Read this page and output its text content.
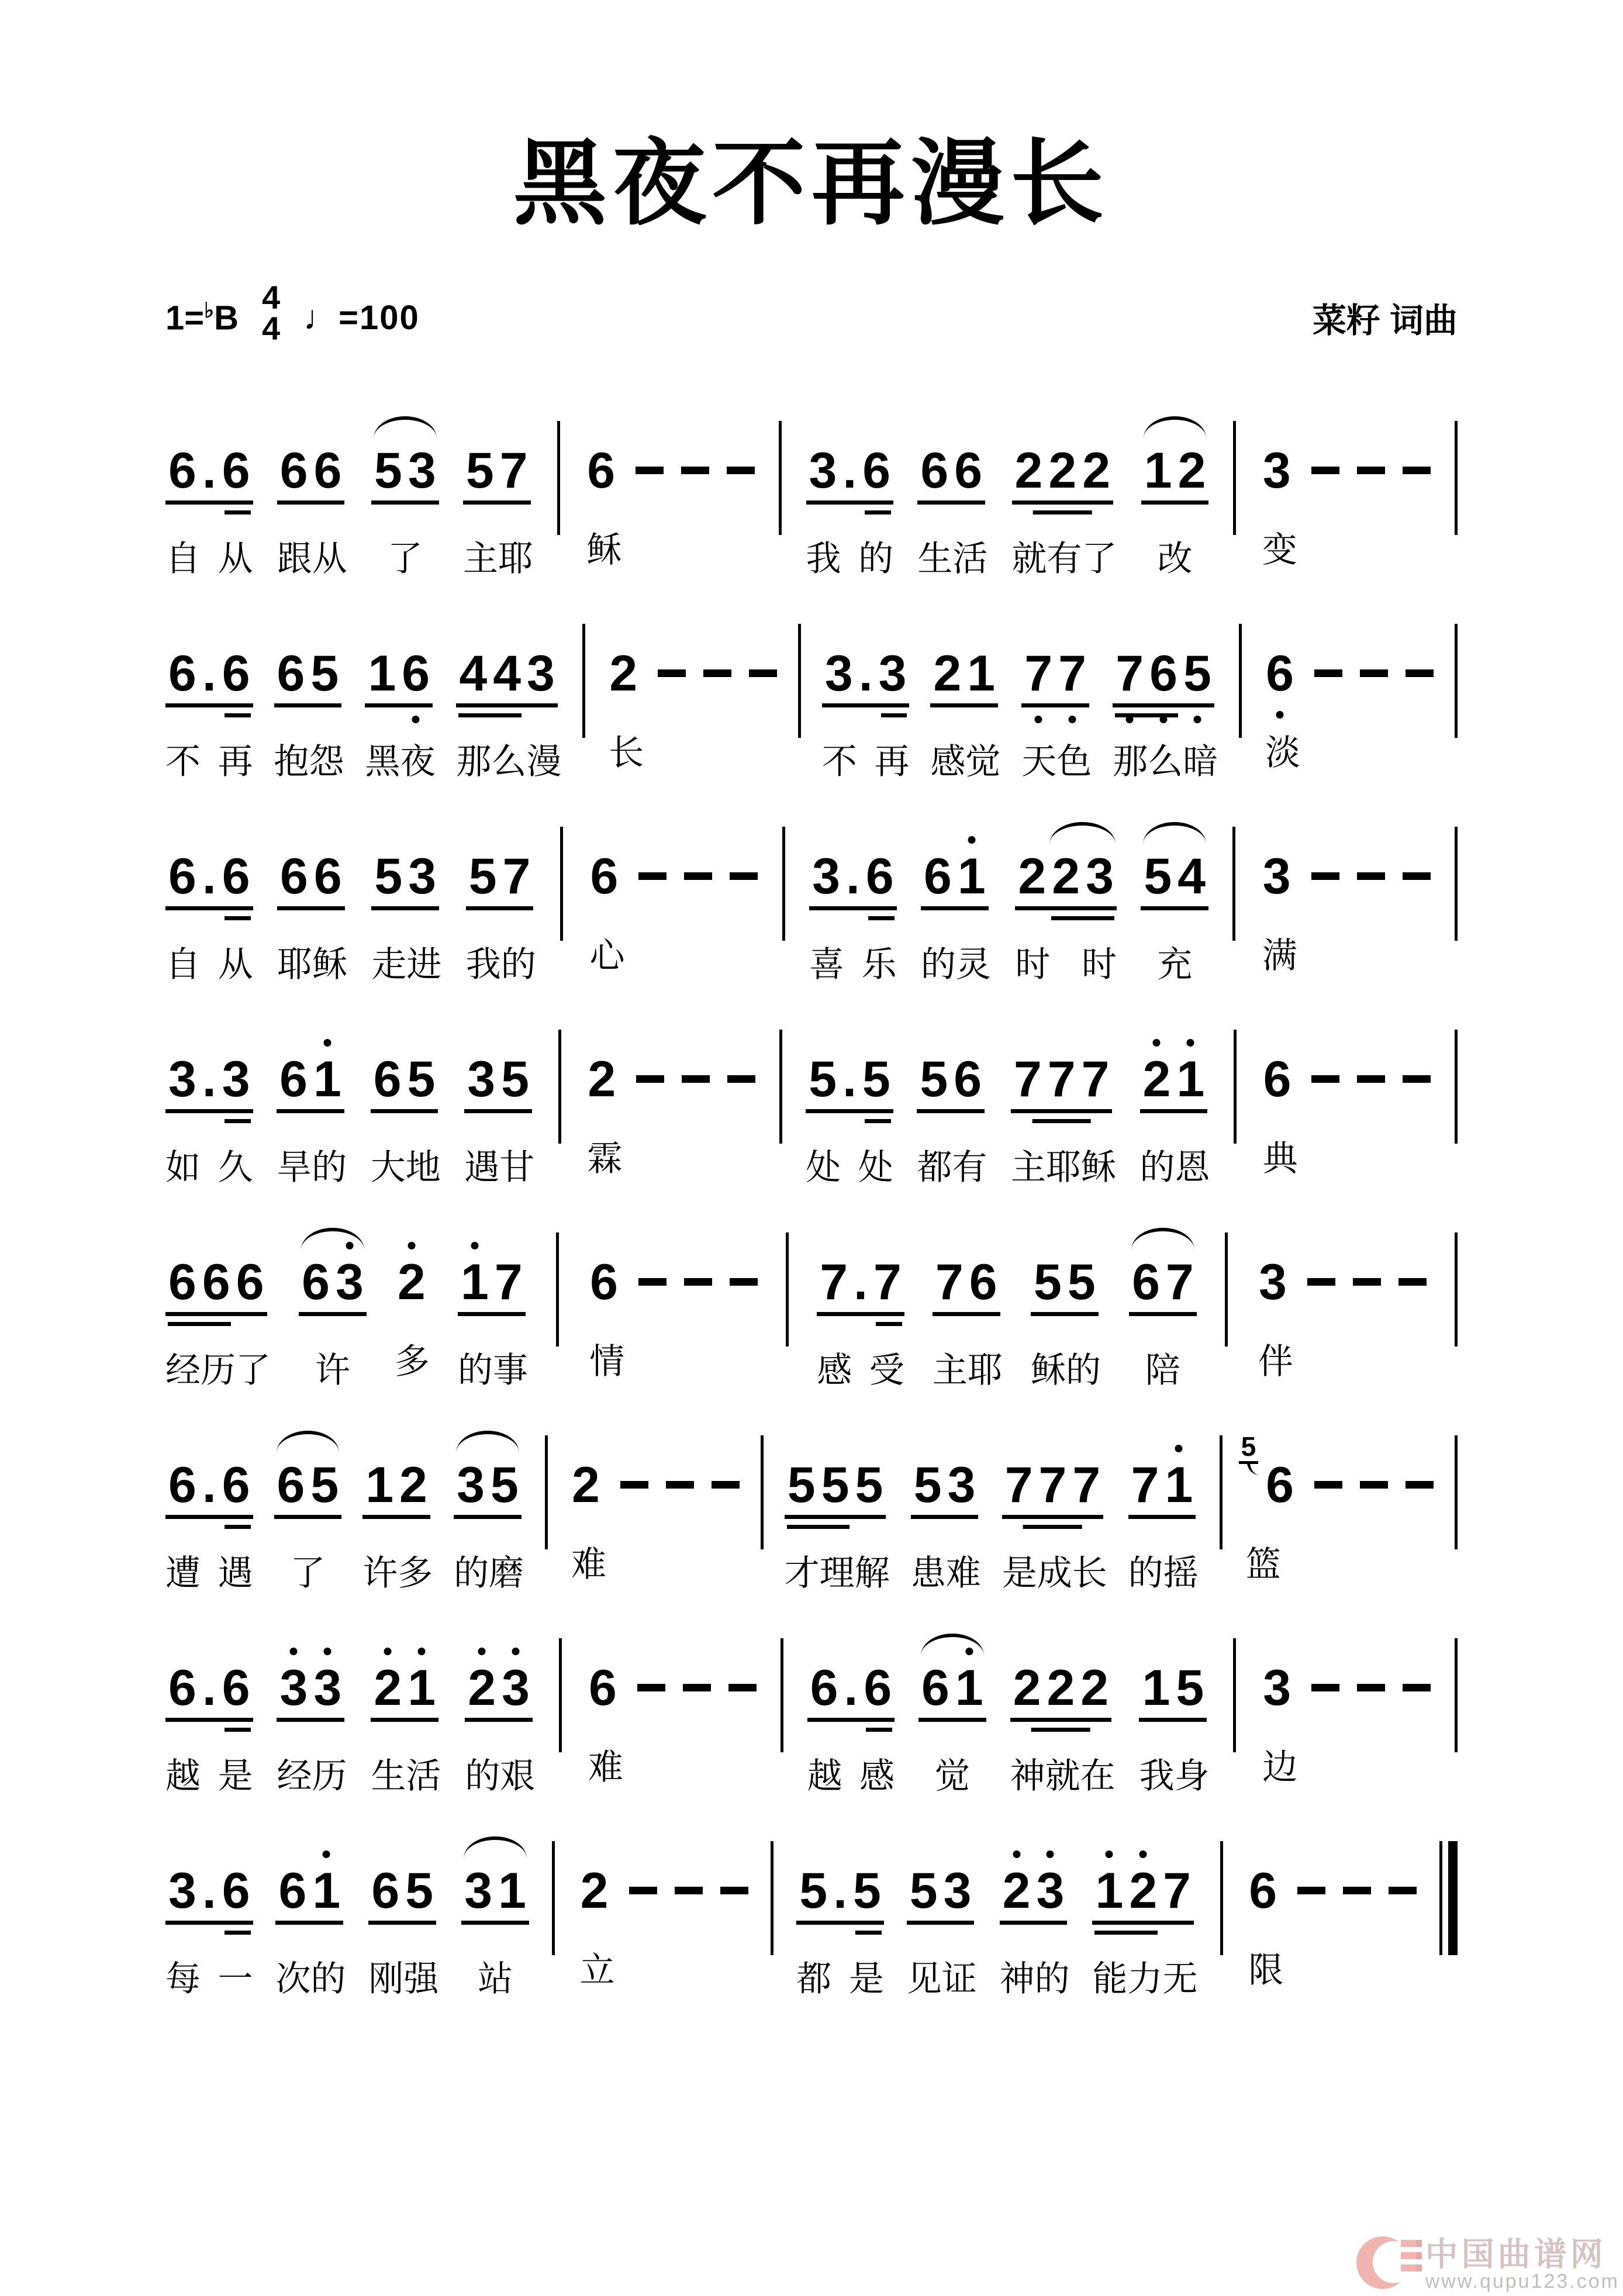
黑夜不再漫长
1=♭B
4
4 ♩=100	菜籽 词曲
6 . 6
自 从
6 6
跟 从
5 3
了
5 7
主 耶
6
稣
3 . 6
我 的
6 6
生 活
2 2 2
就 有 了
1 2
改
3
变
6 . 6
不 再
6 5
抱 怨
1 6
黑 夜
4 4 3
那 么 漫
2
长
3 . 3
不 再
2 1
感 觉
7 7
天 色
7 6 5
那 么 暗
6
淡
6 . 6
自 从
6 6
耶 稣
5 3
走 进
5 7
我 的
6
心
3 . 6
喜 乐
6 1
的 灵
2 2 3
时 时
5 4
充
3
满
3 . 3
如 久
6 1
旱 的
6 5
大 地
3 5
遇 甘
2
霖
5 . 5
处 处
5 6
都 有
7 7 7
主 耶 稣
2 1
的 恩
6
典
6 6 6
经 历 了
6 3
许
2
多
1 7
的 事
6
情
7 . 7
感 受
7 6
主 耶
5 5
稣 的
6 7
陪
3
伴
6 . 6
遭 遇
6 5
了
1 2
许 多
3 5
的 磨
2
难
5 5 5
才 理 解
5 3
患 难
7 7 7
是 成 长
7 1
的 摇
5
6
篮
6 . 6
越 是
3 3
经 历
2 1
生 活
2 3
的 艰
6
难
6 . 6
越 感
6 1
觉
2 2 2
神 就 在
1 5
我 身
3
边
3 . 6
每 一
6 1
次 的
6 5
刚 强
3 1
站
2
立
5 . 5
都 是
5 3
见 证
2 3
神 的
1 2 7
能 力 无
6
限
中国曲谱网
www.qupu123.com
